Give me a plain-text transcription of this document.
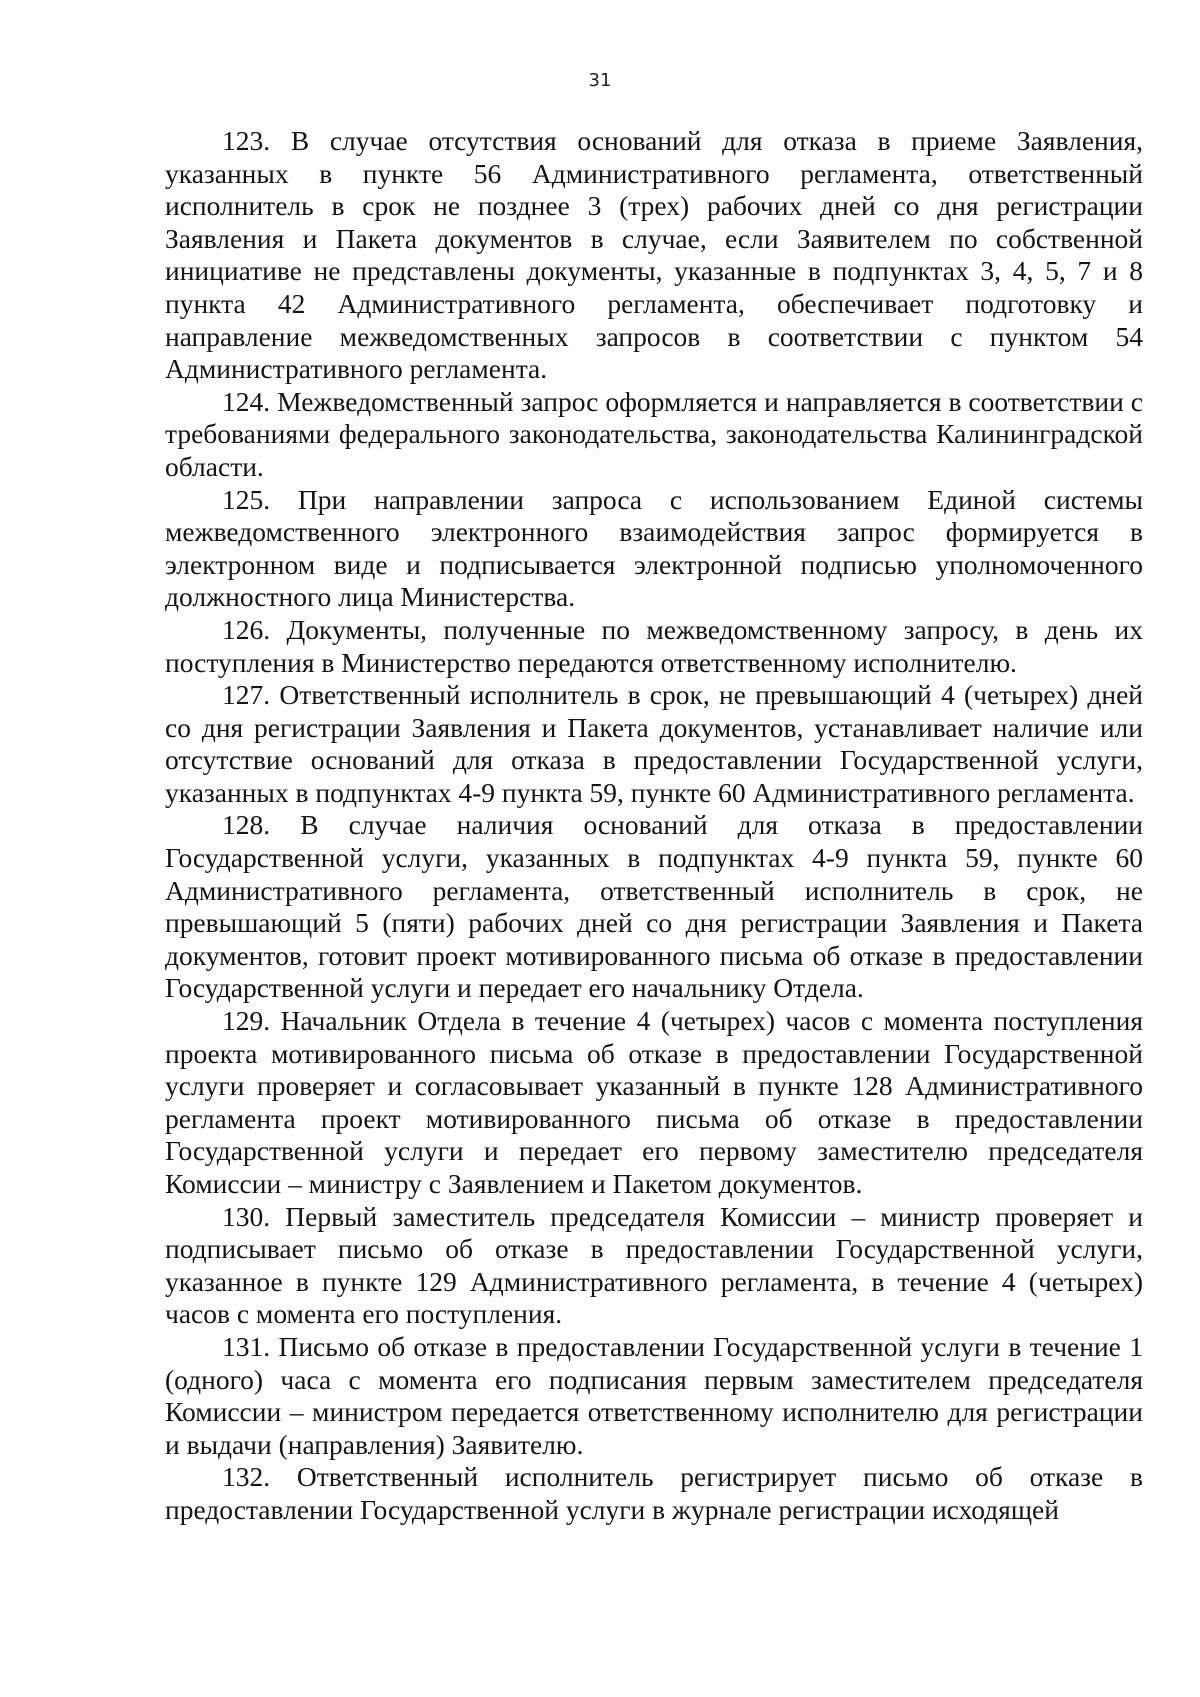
31

123. В случае отсутствия оснований для отказа в приеме Заявления, указанных в пункте 56 Административного регламента, ответственный исполнитель в срок не позднее 3 (трех) рабочих дней со дня регистрации Заявления и Пакета документов в случае, если Заявителем по собственной инициативе не представлены документы, указанные в подпунктах 3, 4, 5, 7 и 8 пункта 42 Административного регламента, обеспечивает подготовку и направление межведомственных запросов в соответствии с пунктом 54 Административного регламента.

124. Межведомственный запрос оформляется и направляется в соответствии с требованиями федерального законодательства, законодательства Калининградской области.

125. При направлении запроса с использованием Единой системы межведомственного электронного взаимодействия запрос формируется в электронном виде и подписывается электронной подписью уполномоченного должностного лица Министерства.

126. Документы, полученные по межведомственному запросу, в день их поступления в Министерство передаются ответственному исполнителю.

127. Ответственный исполнитель в срок, не превышающий 4 (четырех) дней со дня регистрации Заявления и Пакета документов, устанавливает наличие или отсутствие оснований для отказа в предоставлении Государственной услуги, указанных в подпунктах 4-9 пункта 59, пункте 60 Административного регламента.

128. В случае наличия оснований для отказа в предоставлении Государственной услуги, указанных в подпунктах 4-9 пункта 59, пункте 60 Административного регламента, ответственный исполнитель в срок, не превышающий 5 (пяти) рабочих дней со дня регистрации Заявления и Пакета документов, готовит проект мотивированного письма об отказе в предоставлении Государственной услуги и передает его начальнику Отдела.

129. Начальник Отдела в течение 4 (четырех) часов с момента поступления проекта мотивированного письма об отказе в предоставлении Государственной услуги проверяет и согласовывает указанный в пункте 128 Административного регламента проект мотивированного письма об отказе в предоставлении Государственной услуги и передает его первому заместителю председателя Комиссии – министру с Заявлением и Пакетом документов.

130. Первый заместитель председателя Комиссии – министр проверяет и подписывает письмо об отказе в предоставлении Государственной услуги, указанное в пункте 129 Административного регламента, в течение 4 (четырех) часов с момента его поступления.

131. Письмо об отказе в предоставлении Государственной услуги в течение 1 (одного) часа с момента его подписания первым заместителем председателя Комиссии – министром передается ответственному исполнителю для регистрации и выдачи (направления) Заявителю.

132. Ответственный исполнитель регистрирует письмо об отказе в предоставлении Государственной услуги в журнале регистрации исходящей
